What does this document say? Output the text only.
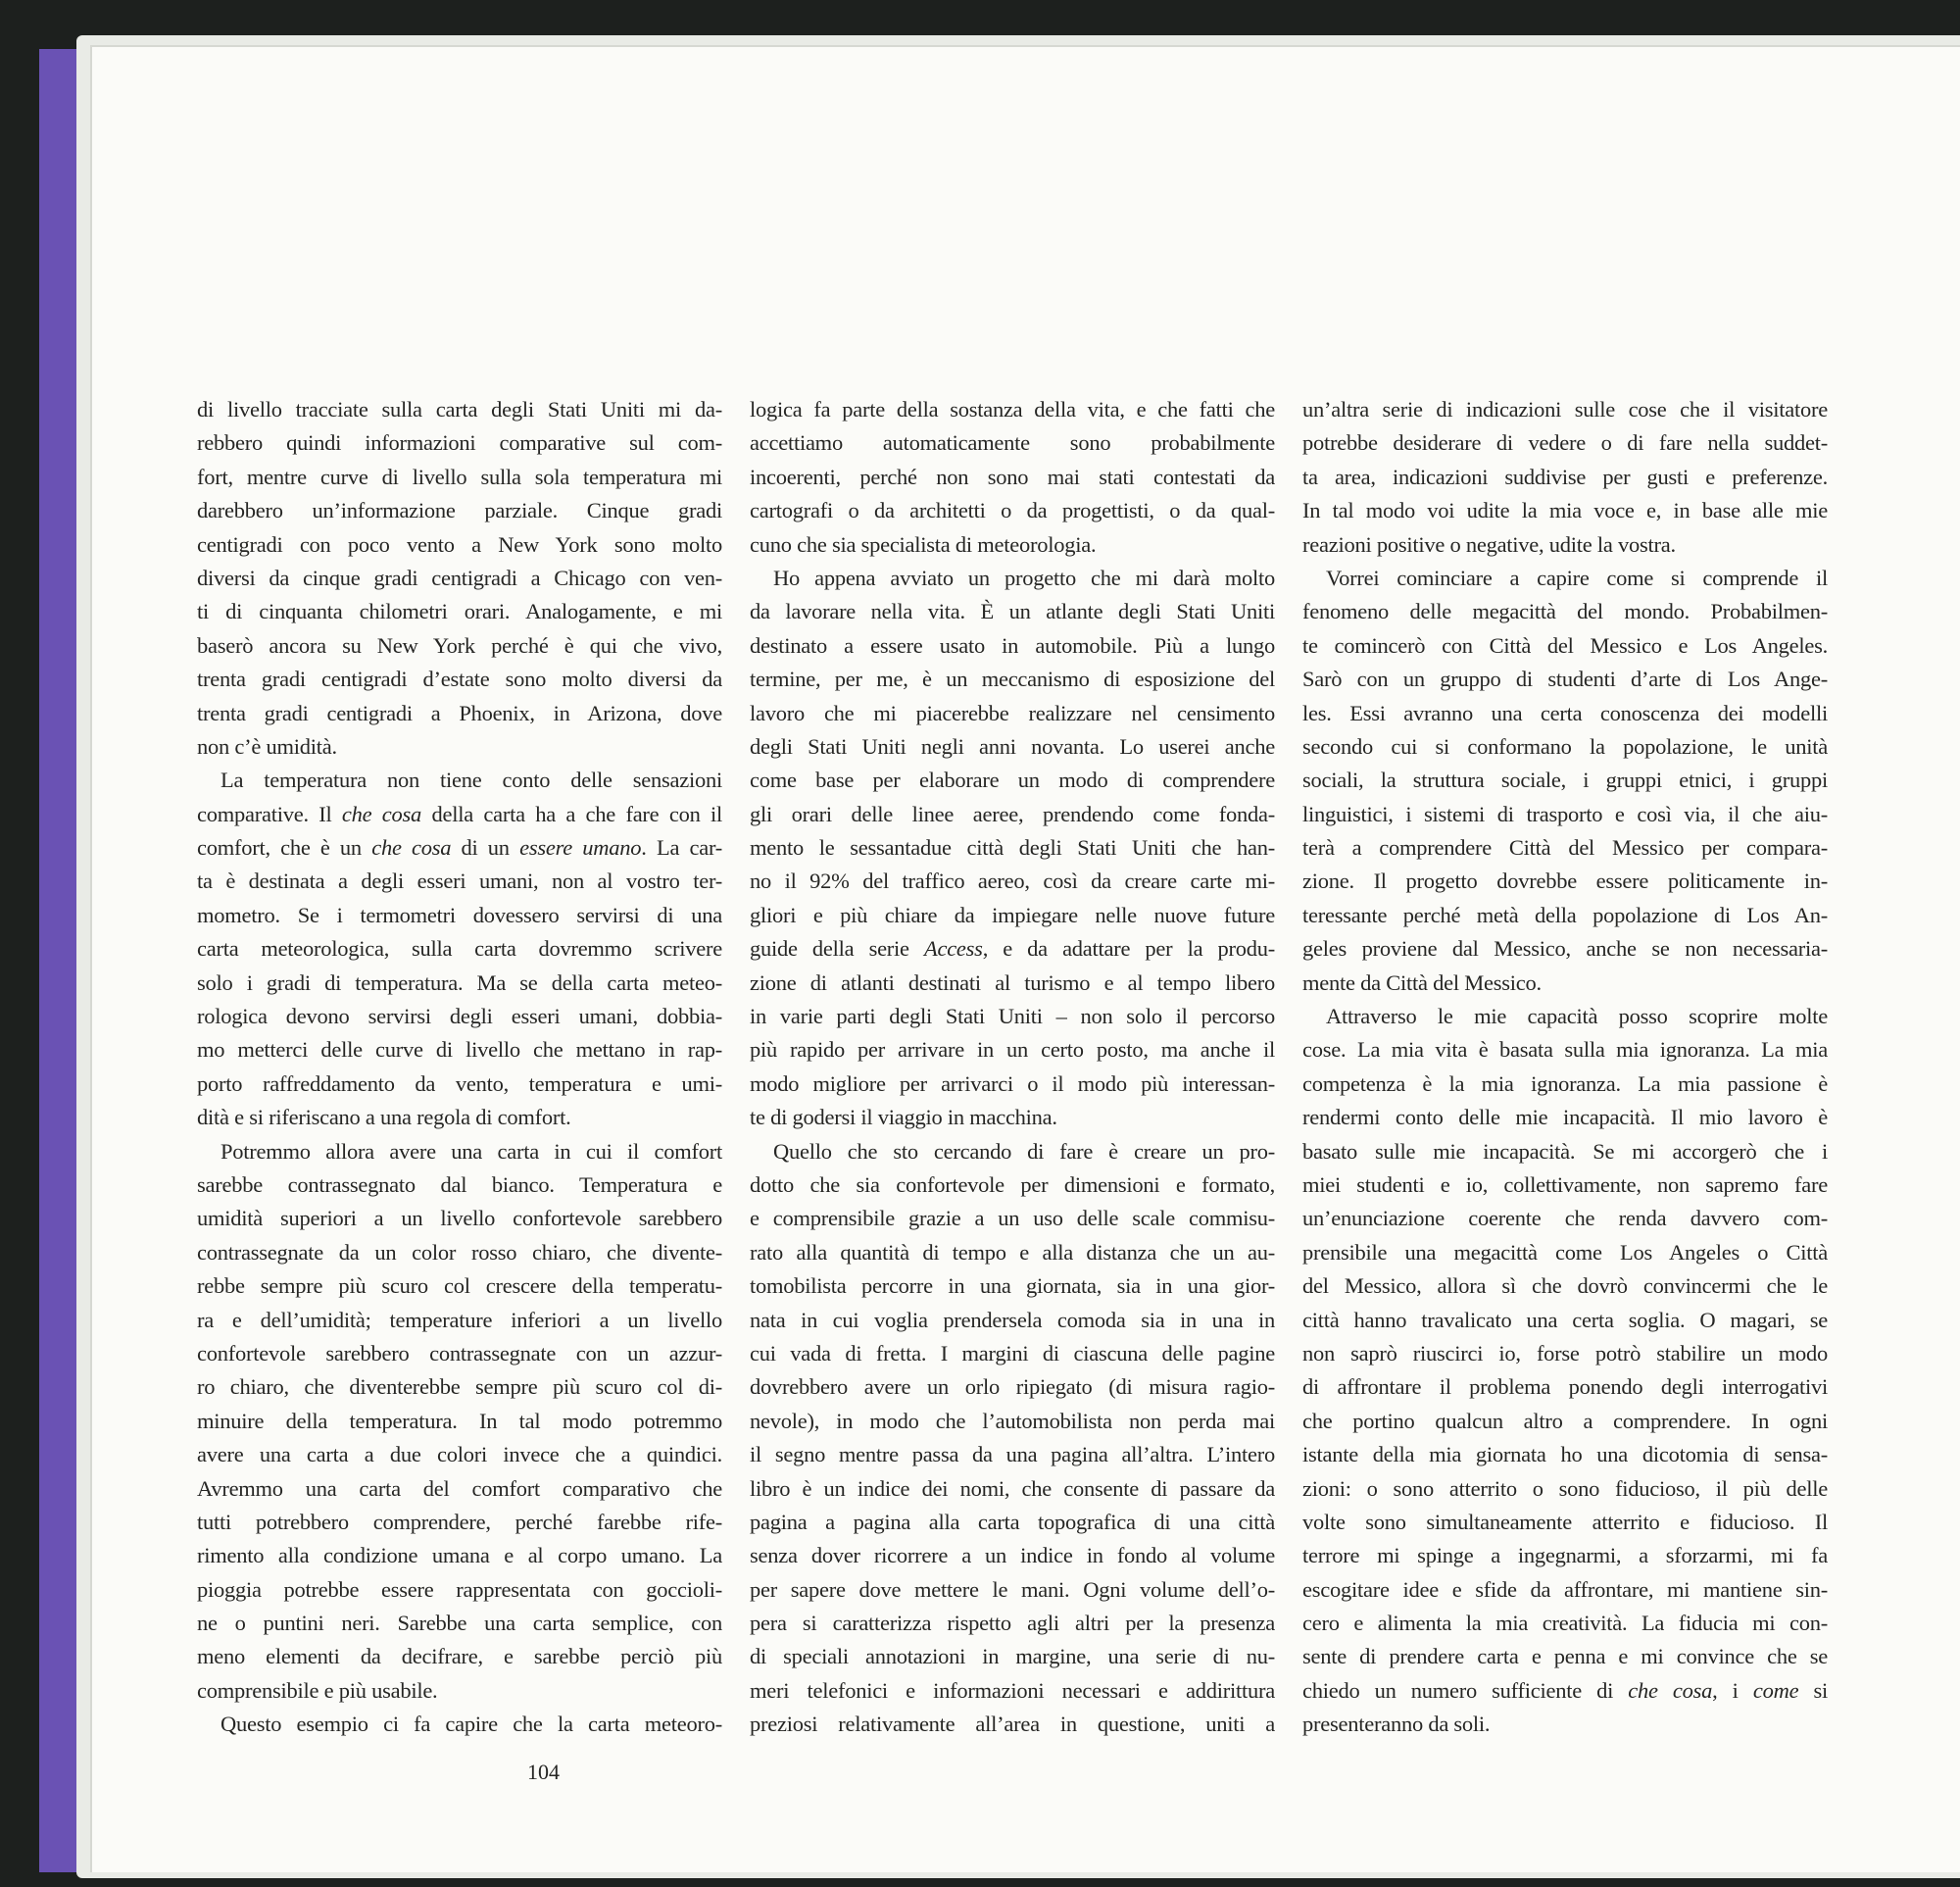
di livello tracciate sulla carta degli Stati Uniti mi da-
rebbero quindi informazioni comparative sul com-
fort, mentre curve di livello sulla sola temperatura mi
darebbero un’informazione parziale. Cinque gradi
centigradi con poco vento a New York sono molto
diversi da cinque gradi centigradi a Chicago con ven-
ti di cinquanta chilometri orari. Analogamente, e mi
baserò ancora su New York perché è qui che vivo,
trenta gradi centigradi d’estate sono molto diversi da
trenta gradi centigradi a Phoenix, in Arizona, dove
non c’è umidità.
La temperatura non tiene conto delle sensazioni
comparative. Il che cosa della carta ha a che fare con il
comfort, che è un che cosa di un essere umano. La car-
ta è destinata a degli esseri umani, non al vostro ter-
mometro. Se i termometri dovessero servirsi di una
carta meteorologica, sulla carta dovremmo scrivere
solo i gradi di temperatura. Ma se della carta meteo-
rologica devono servirsi degli esseri umani, dobbia-
mo metterci delle curve di livello che mettano in rap-
porto raffreddamento da vento, temperatura e umi-
dità e si riferiscano a una regola di comfort.
Potremmo allora avere una carta in cui il comfort
sarebbe contrassegnato dal bianco. Temperatura e
umidità superiori a un livello confortevole sarebbero
contrassegnate da un color rosso chiaro, che divente-
rebbe sempre più scuro col crescere della temperatu-
ra e dell’umidità; temperature inferiori a un livello
confortevole sarebbero contrassegnate con un azzur-
ro chiaro, che diventerebbe sempre più scuro col di-
minuire della temperatura. In tal modo potremmo
avere una carta a due colori invece che a quindici.
Avremmo una carta del comfort comparativo che
tutti potrebbero comprendere, perché farebbe rife-
rimento alla condizione umana e al corpo umano. La
pioggia potrebbe essere rappresentata con goccioli-
ne o puntini neri. Sarebbe una carta semplice, con
meno elementi da decifrare, e sarebbe perciò più
comprensibile e più usabile.
Questo esempio ci fa capire che la carta meteoro-
logica fa parte della sostanza della vita, e che fatti che
accettiamo automaticamente sono probabilmente
incoerenti, perché non sono mai stati contestati da
cartografi o da architetti o da progettisti, o da qual-
cuno che sia specialista di meteorologia.
Ho appena avviato un progetto che mi darà molto
da lavorare nella vita. È un atlante degli Stati Uniti
destinato a essere usato in automobile. Più a lungo
termine, per me, è un meccanismo di esposizione del
lavoro che mi piacerebbe realizzare nel censimento
degli Stati Uniti negli anni novanta. Lo userei anche
come base per elaborare un modo di comprendere
gli orari delle linee aeree, prendendo come fonda-
mento le sessantadue città degli Stati Uniti che han-
no il 92% del traffico aereo, così da creare carte mi-
gliori e più chiare da impiegare nelle nuove future
guide della serie Access, e da adattare per la produ-
zione di atlanti destinati al turismo e al tempo libero
in varie parti degli Stati Uniti – non solo il percorso
più rapido per arrivare in un certo posto, ma anche il
modo migliore per arrivarci o il modo più interessan-
te di godersi il viaggio in macchina.
Quello che sto cercando di fare è creare un pro-
dotto che sia confortevole per dimensioni e formato,
e comprensibile grazie a un uso delle scale commisu-
rato alla quantità di tempo e alla distanza che un au-
tomobilista percorre in una giornata, sia in una gior-
nata in cui voglia prendersela comoda sia in una in
cui vada di fretta. I margini di ciascuna delle pagine
dovrebbero avere un orlo ripiegato (di misura ragio-
nevole), in modo che l’automobilista non perda mai
il segno mentre passa da una pagina all’altra. L’intero
libro è un indice dei nomi, che consente di passare da
pagina a pagina alla carta topografica di una città
senza dover ricorrere a un indice in fondo al volume
per sapere dove mettere le mani. Ogni volume dell’o-
pera si caratterizza rispetto agli altri per la presenza
di speciali annotazioni in margine, una serie di nu-
meri telefonici e informazioni necessari e addirittura
preziosi relativamente all’area in questione, uniti a
un’altra serie di indicazioni sulle cose che il visitatore
potrebbe desiderare di vedere o di fare nella suddet-
ta area, indicazioni suddivise per gusti e preferenze.
In tal modo voi udite la mia voce e, in base alle mie
reazioni positive o negative, udite la vostra.
Vorrei cominciare a capire come si comprende il
fenomeno delle megacittà del mondo. Probabilmen-
te comincerò con Città del Messico e Los Angeles.
Sarò con un gruppo di studenti d’arte di Los Ange-
les. Essi avranno una certa conoscenza dei modelli
secondo cui si conformano la popolazione, le unità
sociali, la struttura sociale, i gruppi etnici, i gruppi
linguistici, i sistemi di trasporto e così via, il che aiu-
terà a comprendere Città del Messico per compara-
zione. Il progetto dovrebbe essere politicamente in-
teressante perché metà della popolazione di Los An-
geles proviene dal Messico, anche se non necessaria-
mente da Città del Messico.
Attraverso le mie capacità posso scoprire molte
cose. La mia vita è basata sulla mia ignoranza. La mia
competenza è la mia ignoranza. La mia passione è
rendermi conto delle mie incapacità. Il mio lavoro è
basato sulle mie incapacità. Se mi accorgerò che i
miei studenti e io, collettivamente, non sapremo fare
un’enunciazione coerente che renda davvero com-
prensibile una megacittà come Los Angeles o Città
del Messico, allora sì che dovrò convincermi che le
città hanno travalicato una certa soglia. O magari, se
non saprò riuscirci io, forse potrò stabilire un modo
di affrontare il problema ponendo degli interrogativi
che portino qualcun altro a comprendere. In ogni
istante della mia giornata ho una dicotomia di sensa-
zioni: o sono atterrito o sono fiducioso, il più delle
volte sono simultaneamente atterrito e fiducioso. Il
terrore mi spinge a ingegnarmi, a sforzarmi, mi fa
escogitare idee e sfide da affrontare, mi mantiene sin-
cero e alimenta la mia creatività. La fiducia mi con-
sente di prendere carta e penna e mi convince che se
chiedo un numero sufficiente di che cosa, i come si
presenteranno da soli.
104
